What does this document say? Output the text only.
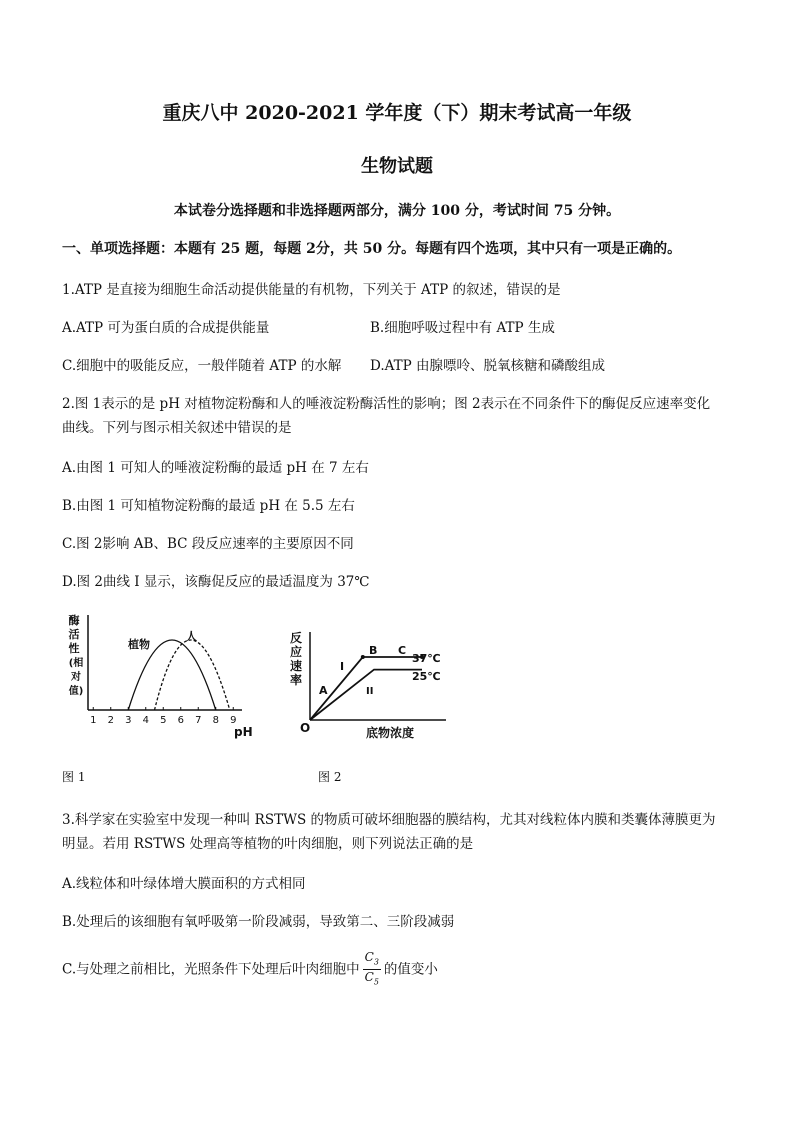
重庆八中 2020-2021 学年度（下）期末考试高一年级
生物试题
本试卷分选择题和非选择题两部分，满分 100 分，考试时间 75 分钟。
一、单项选择题：本题有 25 题，每题 2分，共 50 分。每题有四个选项，其中只有一项是正确的。
1.ATP 是直接为细胞生命活动提供能量的有机物，下列关于 ATP 的叙述，错误的是
A.ATP 可为蛋白质的合成提供能量	B.细胞呼吸过程中有 ATP 生成
C.细胞中的吸能反应，一般伴随着 ATP 的水解 D.ATP 由腺嘌呤、脱氧核糖和磷酸组成
2.图 1表示的是 pH 对植物淀粉酶和人的唾液淀粉酶活性的影响；图 2表示在不同条件下的酶促反应速率变化
曲线。下列与图示相关叙述中错误的是
A.由图 1 可知人的唾液淀粉酶的最适 pH 在 7 左右
B.由图 1 可知植物淀粉酶的最适 pH 在 5.5 左右
C.图 2影响 AB、BC 段反应速率的主要原因不同
D.图 2曲线 I 显示，该酶促反应的最适温度为 37℃
酶
活
性
(相
对
值)
1 2 3 4 5 6 7 8 9
植物
人
pH
图 1
反
应
速
率
O
A
B C
I
II
37℃
25℃
底物浓度
图 2
3.科学家在实验室中发现一种叫 RSTWS 的物质可破坏细胞器的膜结构，尤其对线粒体内膜和类囊体薄膜更为
明显。若用 RSTWS 处理高等植物的叶肉细胞，则下列说法正确的是
A.线粒体和叶绿体增大膜面积的方式相同
B.处理后的该细胞有氧呼吸第一阶段减弱，导致第二、三阶段减弱
C.与处理之前相比，光照条件下处理后叶肉细胞中 $\frac{C_3}{C_5}$ 的值变小
